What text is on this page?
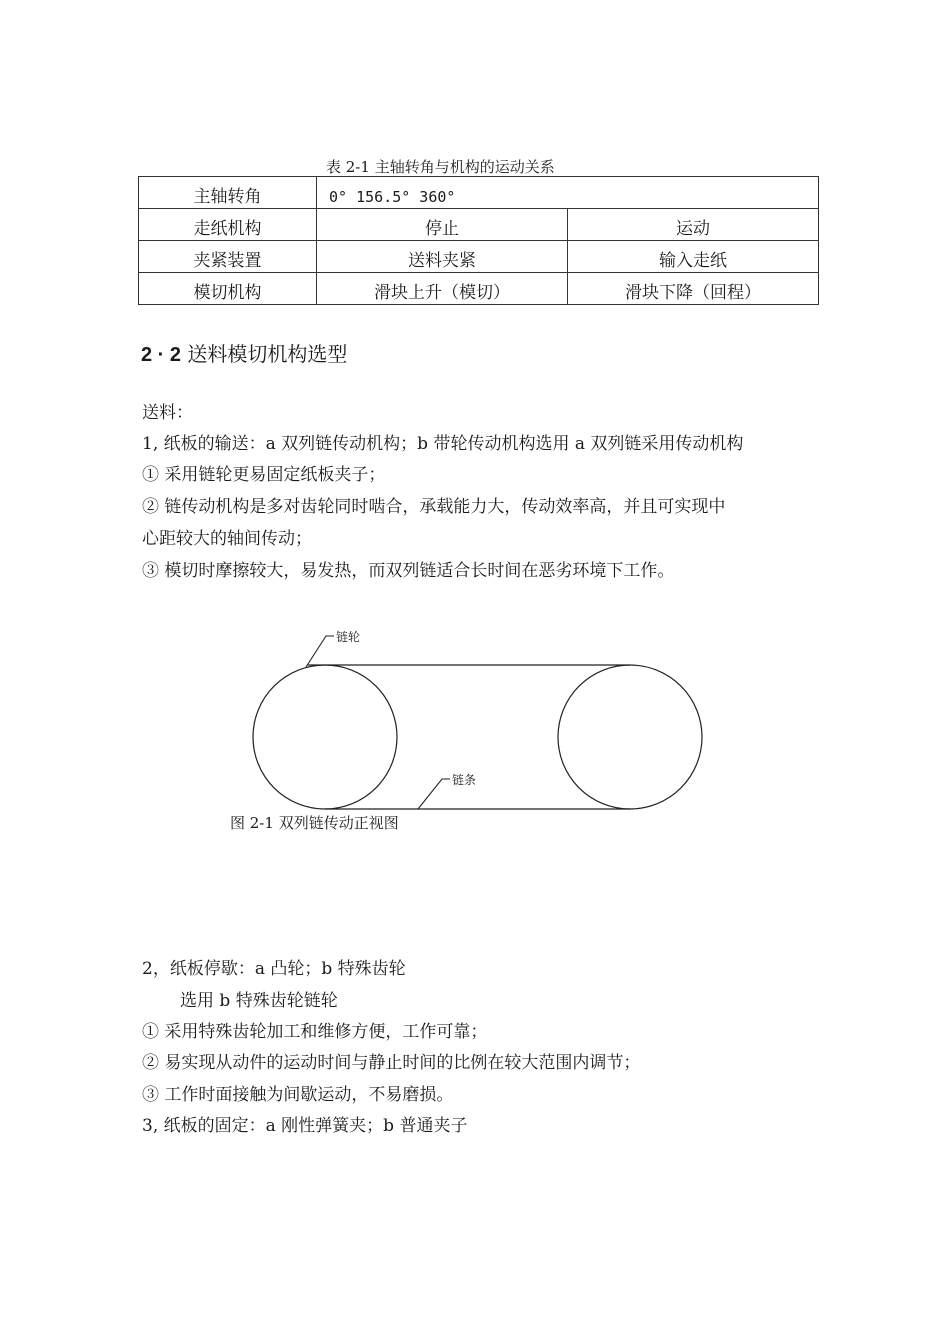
表 2-1 主轴转角与机构的运动关系
主轴转角	0° 156.5° 360°	
走纸机构	停止	运动
夹紧装置	送料夹紧	输入走纸
模切机构	滑块上升（模切）	滑块下降（回程）
2 · 2 送料模切机构选型
送料：
1, 纸板的输送：a 双列链传动机构；b 带轮传动机构选用 a 双列链采用传动机构
① 采用链轮更易固定纸板夹子；
② 链传动机构是多对齿轮同时啮合，承载能力大，传动效率高，并且可实现中
心距较大的轴间传动；
③ 模切时摩擦较大，易发热，而双列链适合长时间在恶劣环境下工作。
链轮
链条
图 2-1 双列链传动正视图
2，纸板停歇：a 凸轮；b 特殊齿轮
选用 b 特殊齿轮链轮
① 采用特殊齿轮加工和维修方便，工作可靠；
② 易实现从动件的运动时间与静止时间的比例在较大范围内调节；
③ 工作时面接触为间歇运动，不易磨损。
3, 纸板的固定：a 刚性弹簧夹；b 普通夹子
